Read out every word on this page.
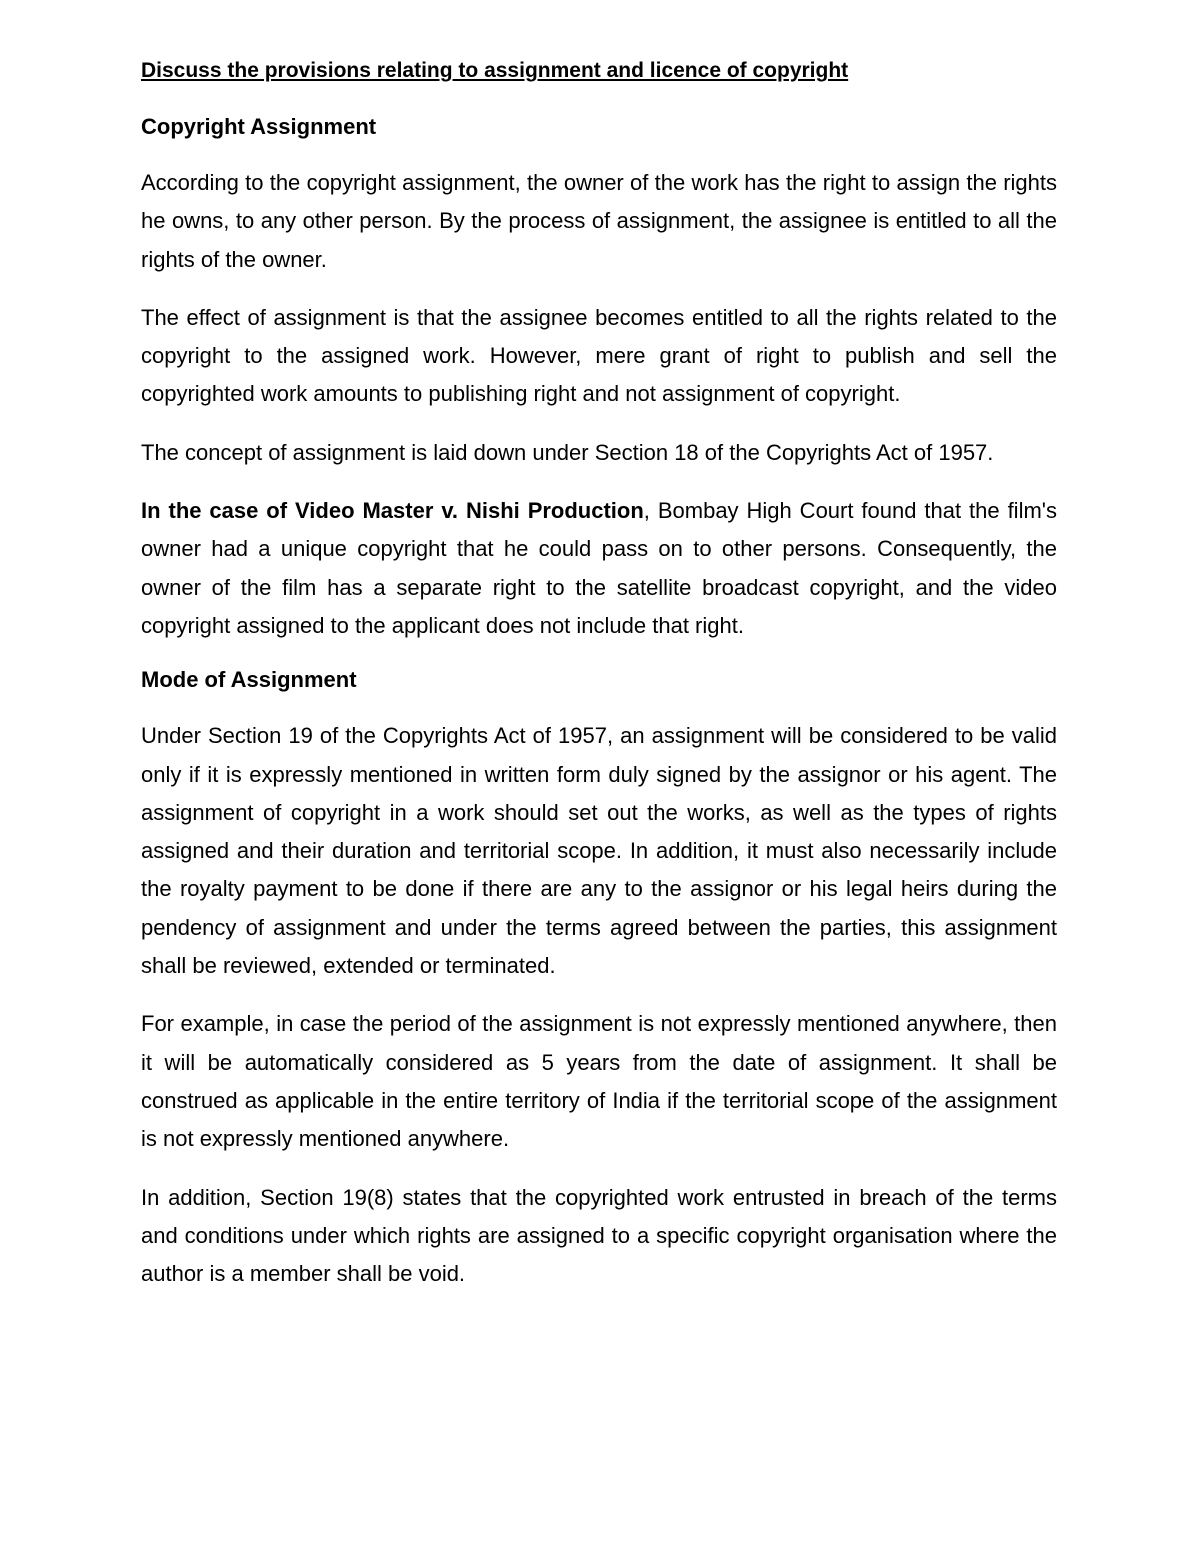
Discuss the provisions relating to assignment and licence of copyright
Copyright Assignment

According to the copyright assignment, the owner of the work has the right to assign the rights he owns, to any other person. By the process of assignment, the assignee is entitled to all the rights of the owner.

The effect of assignment is that the assignee becomes entitled to all the rights related to the copyright to the assigned work. However, mere grant of right to publish and sell the copyrighted work amounts to publishing right and not assignment of copyright.

The concept of assignment is laid down under Section 18 of the Copyrights Act of 1957.

In the case of Video Master v. Nishi Production, Bombay High Court found that the film's owner had a unique copyright that he could pass on to other persons. Consequently, the owner of the film has a separate right to the satellite broadcast copyright, and the video copyright assigned to the applicant does not include that right.

Mode of Assignment

Under Section 19 of the Copyrights Act of 1957, an assignment will be considered to be valid only if it is expressly mentioned in written form duly signed by the assignor or his agent. The assignment of copyright in a work should set out the works, as well as the types of rights assigned and their duration and territorial scope. In addition, it must also necessarily include the royalty payment to be done if there are any to the assignor or his legal heirs during the pendency of assignment and under the terms agreed between the parties, this assignment shall be reviewed, extended or terminated.

For example, in case the period of the assignment is not expressly mentioned anywhere, then it will be automatically considered as 5 years from the date of assignment. It shall be construed as applicable in the entire territory of India if the territorial scope of the assignment is not expressly mentioned anywhere.

In addition, Section 19(8) states that the copyrighted work entrusted in breach of the terms and conditions under which rights are assigned to a specific copyright organisation where the author is a member shall be void.
